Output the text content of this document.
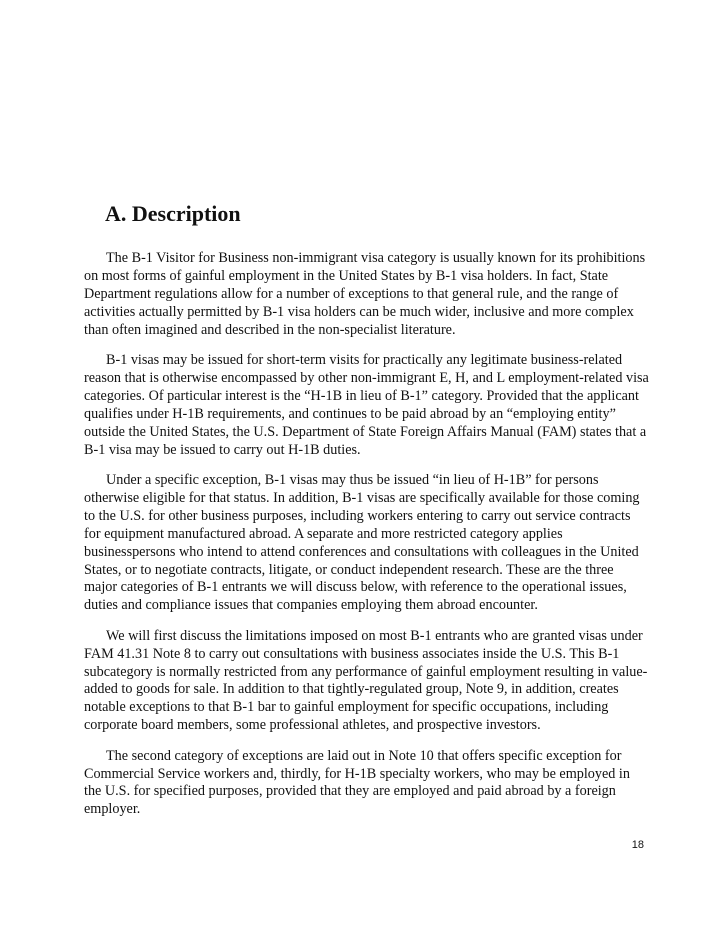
A. Description

The B-1 Visitor for Business non-immigrant visa category is usually known for its prohibitions on most forms of gainful employment in the United States by B-1 visa holders. In fact, State Department regulations allow for a number of exceptions to that general rule, and the range of activities actually permitted by B-1 visa holders can be much wider, inclusive and more complex than often imagined and described in the non-specialist literature.

B-1 visas may be issued for short-term visits for practically any legitimate business-related reason that is otherwise encompassed by other non-immigrant E, H, and L employment-related visa categories. Of particular interest is the “H-1B in lieu of B-1” category. Provided that the applicant qualifies under H-1B requirements, and continues to be paid abroad by an “employing entity” outside the United States, the U.S. Department of State Foreign Affairs Manual (FAM) states that a B-1 visa may be issued to carry out H-1B duties.

Under a specific exception, B-1 visas may thus be issued “in lieu of H-1B” for persons otherwise eligible for that status. In addition, B-1 visas are specifically available for those coming to the U.S. for other business purposes, including workers entering to carry out service contracts for equipment manufactured abroad. A separate and more restricted category applies businesspersons who intend to attend conferences and consultations with colleagues in the United States, or to negotiate contracts, litigate, or conduct independent research. These are the three major categories of B-1 entrants we will discuss below, with reference to the operational issues, duties and compliance issues that companies employing them abroad encounter.

We will first discuss the limitations imposed on most B-1 entrants who are granted visas under FAM 41.31 Note 8 to carry out consultations with business associates inside the U.S. This B-1 subcategory is normally restricted from any performance of gainful employment resulting in value-added to goods for sale. In addition to that tightly-regulated group, Note 9, in addition, creates notable exceptions to that B-1 bar to gainful employment for specific occupations, including corporate board members, some professional athletes, and prospective investors.

The second category of exceptions are laid out in Note 10 that offers specific exception for Commercial Service workers and, thirdly, for H-1B specialty workers, who may be employed in the U.S. for specified purposes, provided that they are employed and paid abroad by a foreign employer.

18
